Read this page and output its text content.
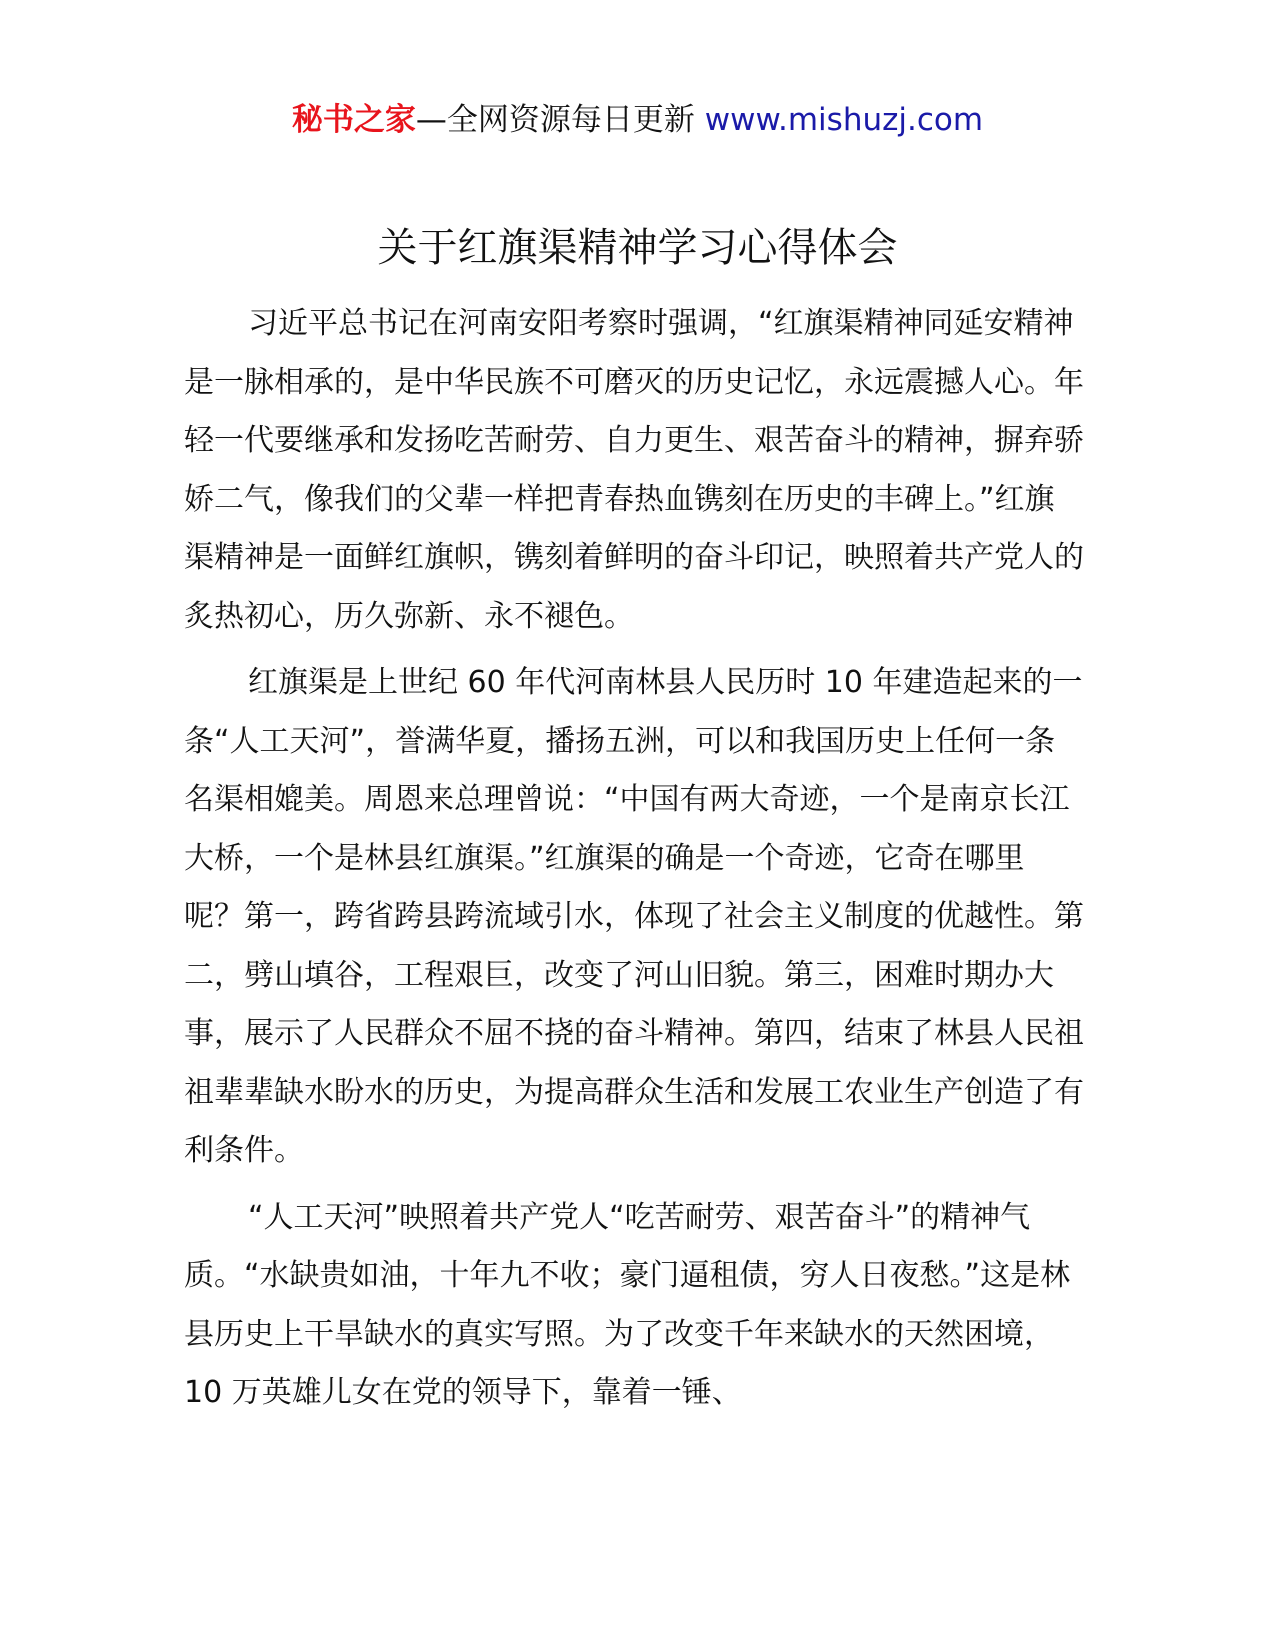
秘书之家—全网资源每日更新 www.mishuzj.com
关于红旗渠精神学习心得体会

习近平总书记在河南安阳考察时强调，“红旗渠精神同延安精神是一脉相承的，是中华民族不可磨灭的历史记忆，永远震撼人心。年轻一代要继承和发扬吃苦耐劳、自力更生、艰苦奋斗的精神，摒弃骄娇二气，像我们的父辈一样把青春热血镌刻在历史的丰碑上。”红旗渠精神是一面鲜红旗帜，镌刻着鲜明的奋斗印记，映照着共产党人的炙热初心，历久弥新、永不褪色。

红旗渠是上世纪 60 年代河南林县人民历时 10 年建造起来的一条“人工天河”，誉满华夏，播扬五洲，可以和我国历史上任何一条名渠相媲美。周恩来总理曾说：“中国有两大奇迹，一个是南京长江大桥，一个是林县红旗渠。”红旗渠的确是一个奇迹，它奇在哪里呢？第一，跨省跨县跨流域引水，体现了社会主义制度的优越性。第二，劈山填谷，工程艰巨，改变了河山旧貌。第三，困难时期办大事，展示了人民群众不屈不挠的奋斗精神。第四，结束了林县人民祖祖辈辈缺水盼水的历史，为提高群众生活和发展工农业生产创造了有利条件。

“人工天河”映照着共产党人“吃苦耐劳、艰苦奋斗”的精神气质。“水缺贵如油，十年九不收；豪门逼租债，穷人日夜愁。”这是林县历史上干旱缺水的真实写照。为了改变千年来缺水的天然困境，10 万英雄儿女在党的领导下，靠着一锤、
